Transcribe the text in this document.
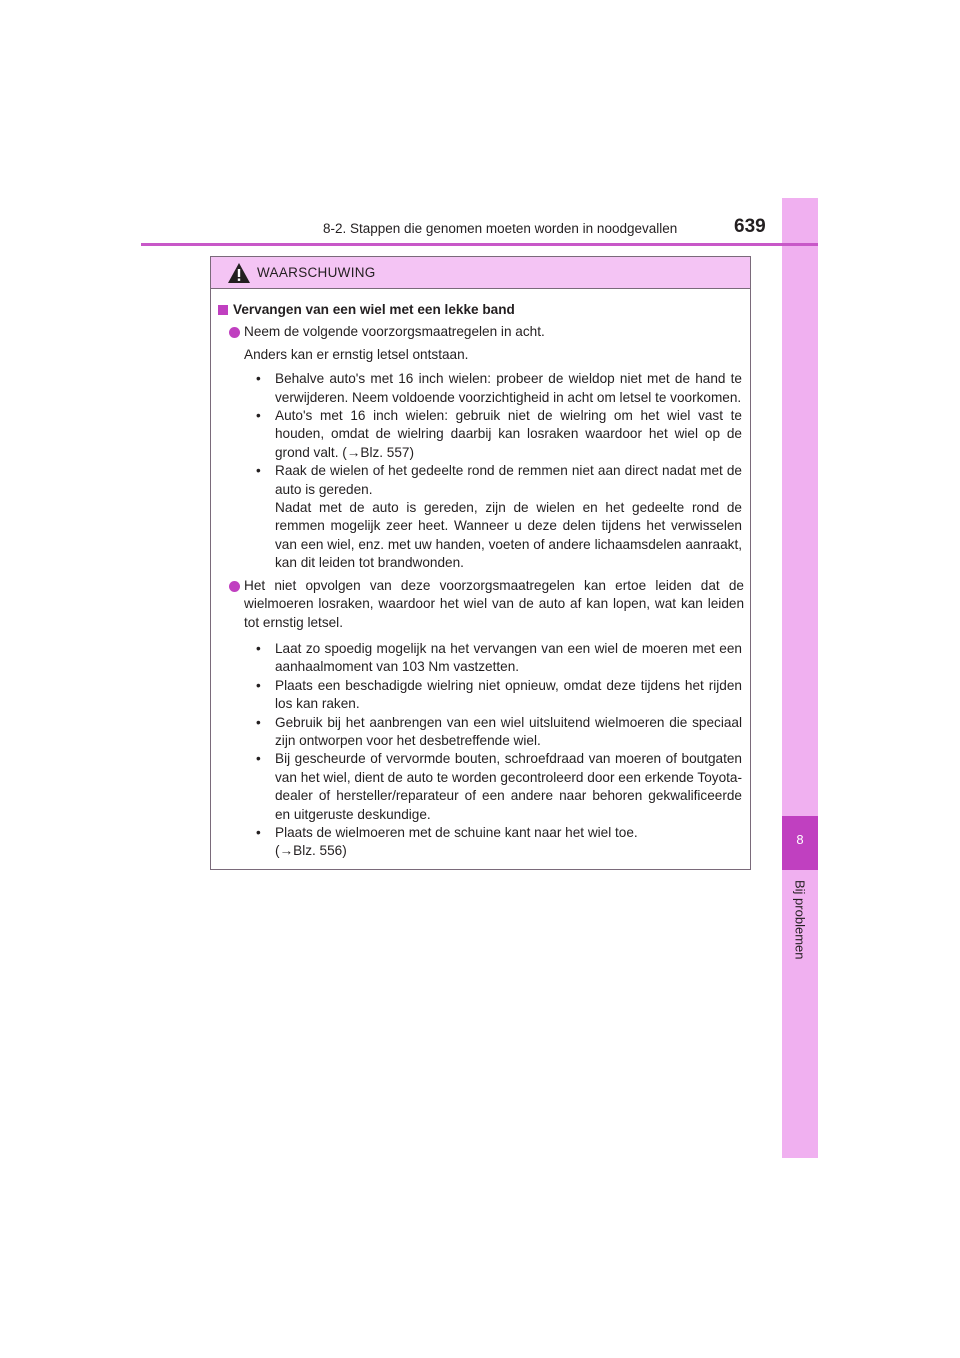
8
Bij problemen
8-2. Stappen die genomen moeten worden in noodgevallen	639
WAARSCHUWING
Vervangen van een wiel met een lekke band
Neem de volgende voorzorgsmaatregelen in acht.
Anders kan er ernstig letsel ontstaan.
• Behalve auto's met 16 inch wielen: probeer de wieldop niet met de hand te verwijderen. Neem voldoende voorzichtigheid in acht om letsel te voorkomen.
• Auto's met 16 inch wielen: gebruik niet de wielring om het wiel vast te houden, omdat de wielring daarbij kan losraken waardoor het wiel op de grond valt. (→Blz. 557)
• Raak de wielen of het gedeelte rond de remmen niet aan direct nadat met de auto is gereden.
Nadat met de auto is gereden, zijn de wielen en het gedeelte rond de remmen mogelijk zeer heet. Wanneer u deze delen tijdens het verwisselen van een wiel, enz. met uw handen, voeten of andere lichaamsdelen aanraakt, kan dit leiden tot brandwonden.
Het niet opvolgen van deze voorzorgsmaatregelen kan ertoe leiden dat de wielmoeren losraken, waardoor het wiel van de auto af kan lopen, wat kan leiden tot ernstig letsel.
• Laat zo spoedig mogelijk na het vervangen van een wiel de moeren met een aanhaalmoment van 103 Nm vastzetten.
• Plaats een beschadigde wielring niet opnieuw, omdat deze tijdens het rijden los kan raken.
• Gebruik bij het aanbrengen van een wiel uitsluitend wielmoeren die speciaal zijn ontworpen voor het desbetreffende wiel.
• Bij gescheurde of vervormde bouten, schroefdraad van moeren of boutgaten van het wiel, dient de auto te worden gecontroleerd door een erkende Toyota-dealer of hersteller/reparateur of een andere naar behoren gekwalificeerde en uitgeruste deskundige.
• Plaats de wielmoeren met de schuine kant naar het wiel toe.
(→Blz. 556)
